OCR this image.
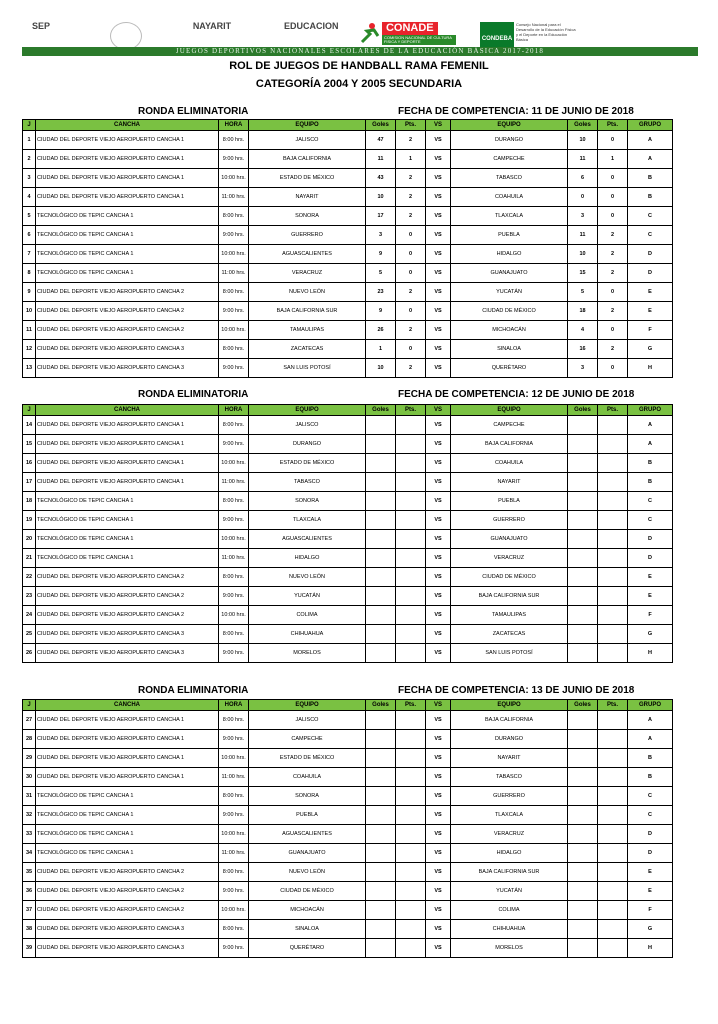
SEP	NAYARIT	EDUCACION	CONADE
COMISION NACIONAL DE CULTURA FISICA Y DEPORTE	CONDEBA Consejo Nacional para el Desarrollo de la Educación Física y el Deporte en la Educación Básica
JUEGOS DEPORTIVOS NACIONALES ESCOLARES DE LA EDUCACIÓN BÁSICA 2017-2018
ROL DE JUEGOS DE HANDBALL RAMA FEMENIL
CATEGORÍA 2004 Y 2005 SECUNDARIA
RONDA ELIMINATORIA	FECHA DE COMPETENCIA: 11 DE JUNIO DE 2018
J	CANCHA	HORA	EQUIPO	Goles	Pts.	VS	EQUIPO	Goles	Pts.	GRUPO
1	CIUDAD DEL DEPORTE VIEJO AEROPUERTO CANCHA 1	8:00 hrs.	JALISCO	47	2	VS	DURANGO	10	0	A
2	CIUDAD DEL DEPORTE VIEJO AEROPUERTO CANCHA 1	9:00 hrs.	BAJA CALIFORNIA	11	1	VS	CAMPECHE	11	1	A
3	CIUDAD DEL DEPORTE VIEJO AEROPUERTO CANCHA 1	10:00 hrs.	ESTADO DE MÉXICO	43	2	VS	TABASCO	6	0	B
4	CIUDAD DEL DEPORTE VIEJO AEROPUERTO CANCHA 1	11:00 hrs.	NAYARIT	10	2	VS	COAHUILA	0	0	B
5	TECNOLÓGICO DE TEPIC CANCHA 1	8:00 hrs.	SONORA	17	2	VS	TLAXCALA	3	0	C
6	TECNOLÓGICO DE TEPIC CANCHA 1	9:00 hrs.	GUERRERO	3	0	VS	PUEBLA	11	2	C
7	TECNOLÓGICO DE TEPIC CANCHA 1	10:00 hrs.	AGUASCALIENTES	9	0	VS	HIDALGO	10	2	D
8	TECNOLÓGICO DE TEPIC CANCHA 1	11:00 hrs.	VERACRUZ	5	0	VS	GUANAJUATO	15	2	D
9	CIUDAD DEL DEPORTE VIEJO AEROPUERTO CANCHA 2	8:00 hrs.	NUEVO LEÓN	23	2	VS	YUCATÁN	5	0	E
10	CIUDAD DEL DEPORTE VIEJO AEROPUERTO CANCHA 2	9:00 hrs.	BAJA CALIFORNIA SUR	9	0	VS	CIUDAD DE MÉXICO	18	2	E
11	CIUDAD DEL DEPORTE VIEJO AEROPUERTO CANCHA 2	10:00 hrs.	TAMAULIPAS	26	2	VS	MICHOACÁN	4	0	F
12	CIUDAD DEL DEPORTE VIEJO AEROPUERTO CANCHA 3	8:00 hrs.	ZACATECAS	1	0	VS	SINALOA	16	2	G
13	CIUDAD DEL DEPORTE VIEJO AEROPUERTO CANCHA 3	9:00 hrs.	SAN LUIS POTOSÍ	10	2	VS	QUERÉTARO	3	0	H
RONDA ELIMINATORIA	FECHA DE COMPETENCIA: 12 DE JUNIO DE 2018
J	CANCHA	HORA	EQUIPO	Goles	Pts.	VS	EQUIPO	Goles	Pts.	GRUPO
14	CIUDAD DEL DEPORTE VIEJO AEROPUERTO CANCHA 1	8:00 hrs.	JALISCO			VS	CAMPECHE			A
15	CIUDAD DEL DEPORTE VIEJO AEROPUERTO CANCHA 1	9:00 hrs.	DURANGO			VS	BAJA CALIFORNIA			A
16	CIUDAD DEL DEPORTE VIEJO AEROPUERTO CANCHA 1	10:00 hrs.	ESTADO DE MÉXICO			VS	COAHUILA			B
17	CIUDAD DEL DEPORTE VIEJO AEROPUERTO CANCHA 1	11:00 hrs.	TABASCO			VS	NAYARIT			B
18	TECNOLÓGICO DE TEPIC CANCHA 1	8:00 hrs.	SONORA			VS	PUEBLA			C
19	TECNOLÓGICO DE TEPIC CANCHA 1	9:00 hrs.	TLAXCALA			VS	GUERRERO			C
20	TECNOLÓGICO DE TEPIC CANCHA 1	10:00 hrs.	AGUASCALIENTES			VS	GUANAJUATO			D
21	TECNOLÓGICO DE TEPIC CANCHA 1	11:00 hrs.	HIDALGO			VS	VERACRUZ			D
22	CIUDAD DEL DEPORTE VIEJO AEROPUERTO CANCHA 2	8:00 hrs.	NUEVO LEÓN			VS	CIUDAD DE MÉXICO			E
23	CIUDAD DEL DEPORTE VIEJO AEROPUERTO CANCHA 2	9:00 hrs.	YUCATÁN			VS	BAJA CALIFORNIA SUR			E
24	CIUDAD DEL DEPORTE VIEJO AEROPUERTO CANCHA 2	10:00 hrs.	COLIMA			VS	TAMAULIPAS			F
25	CIUDAD DEL DEPORTE VIEJO AEROPUERTO CANCHA 3	8:00 hrs.	CHIHUAHUA			VS	ZACATECAS			G
26	CIUDAD DEL DEPORTE VIEJO AEROPUERTO CANCHA 3	9:00 hrs.	MORELOS			VS	SAN LUIS POTOSÍ			H
RONDA ELIMINATORIA	FECHA DE COMPETENCIA: 13 DE JUNIO DE 2018
J	CANCHA	HORA	EQUIPO	Goles	Pts.	VS	EQUIPO	Goles	Pts.	GRUPO
27	CIUDAD DEL DEPORTE VIEJO AEROPUERTO CANCHA 1	8:00 hrs.	JALISCO			VS	BAJA CALIFORNIA			A
28	CIUDAD DEL DEPORTE VIEJO AEROPUERTO CANCHA 1	9:00 hrs.	CAMPECHE			VS	DURANGO			A
29	CIUDAD DEL DEPORTE VIEJO AEROPUERTO CANCHA 1	10:00 hrs.	ESTADO DE MÉXICO			VS	NAYARIT			B
30	CIUDAD DEL DEPORTE VIEJO AEROPUERTO CANCHA 1	11:00 hrs.	COAHUILA			VS	TABASCO			B
31	TECNOLÓGICO DE TEPIC CANCHA 1	8:00 hrs.	SONORA			VS	GUERRERO			C
32	TECNOLÓGICO DE TEPIC CANCHA 1	9:00 hrs.	PUEBLA			VS	TLAXCALA			C
33	TECNOLÓGICO DE TEPIC CANCHA 1	10:00 hrs.	AGUASCALIENTES			VS	VERACRUZ			D
34	TECNOLÓGICO DE TEPIC CANCHA 1	11:00 hrs.	GUANAJUATO			VS	HIDALGO			D
35	CIUDAD DEL DEPORTE VIEJO AEROPUERTO CANCHA 2	8:00 hrs.	NUEVO LEÓN			VS	BAJA CALIFORNIA SUR			E
36	CIUDAD DEL DEPORTE VIEJO AEROPUERTO CANCHA 2	9:00 hrs.	CIUDAD DE MÉXICO			VS	YUCATÁN			E
37	CIUDAD DEL DEPORTE VIEJO AEROPUERTO CANCHA 2	10:00 hrs.	MICHOACÁN			VS	COLIMA			F
38	CIUDAD DEL DEPORTE VIEJO AEROPUERTO CANCHA 3	8:00 hrs.	SINALOA			VS	CHIHUAHUA			G
39	CIUDAD DEL DEPORTE VIEJO AEROPUERTO CANCHA 3	9:00 hrs.	QUERÉTARO			VS	MORELOS			H
